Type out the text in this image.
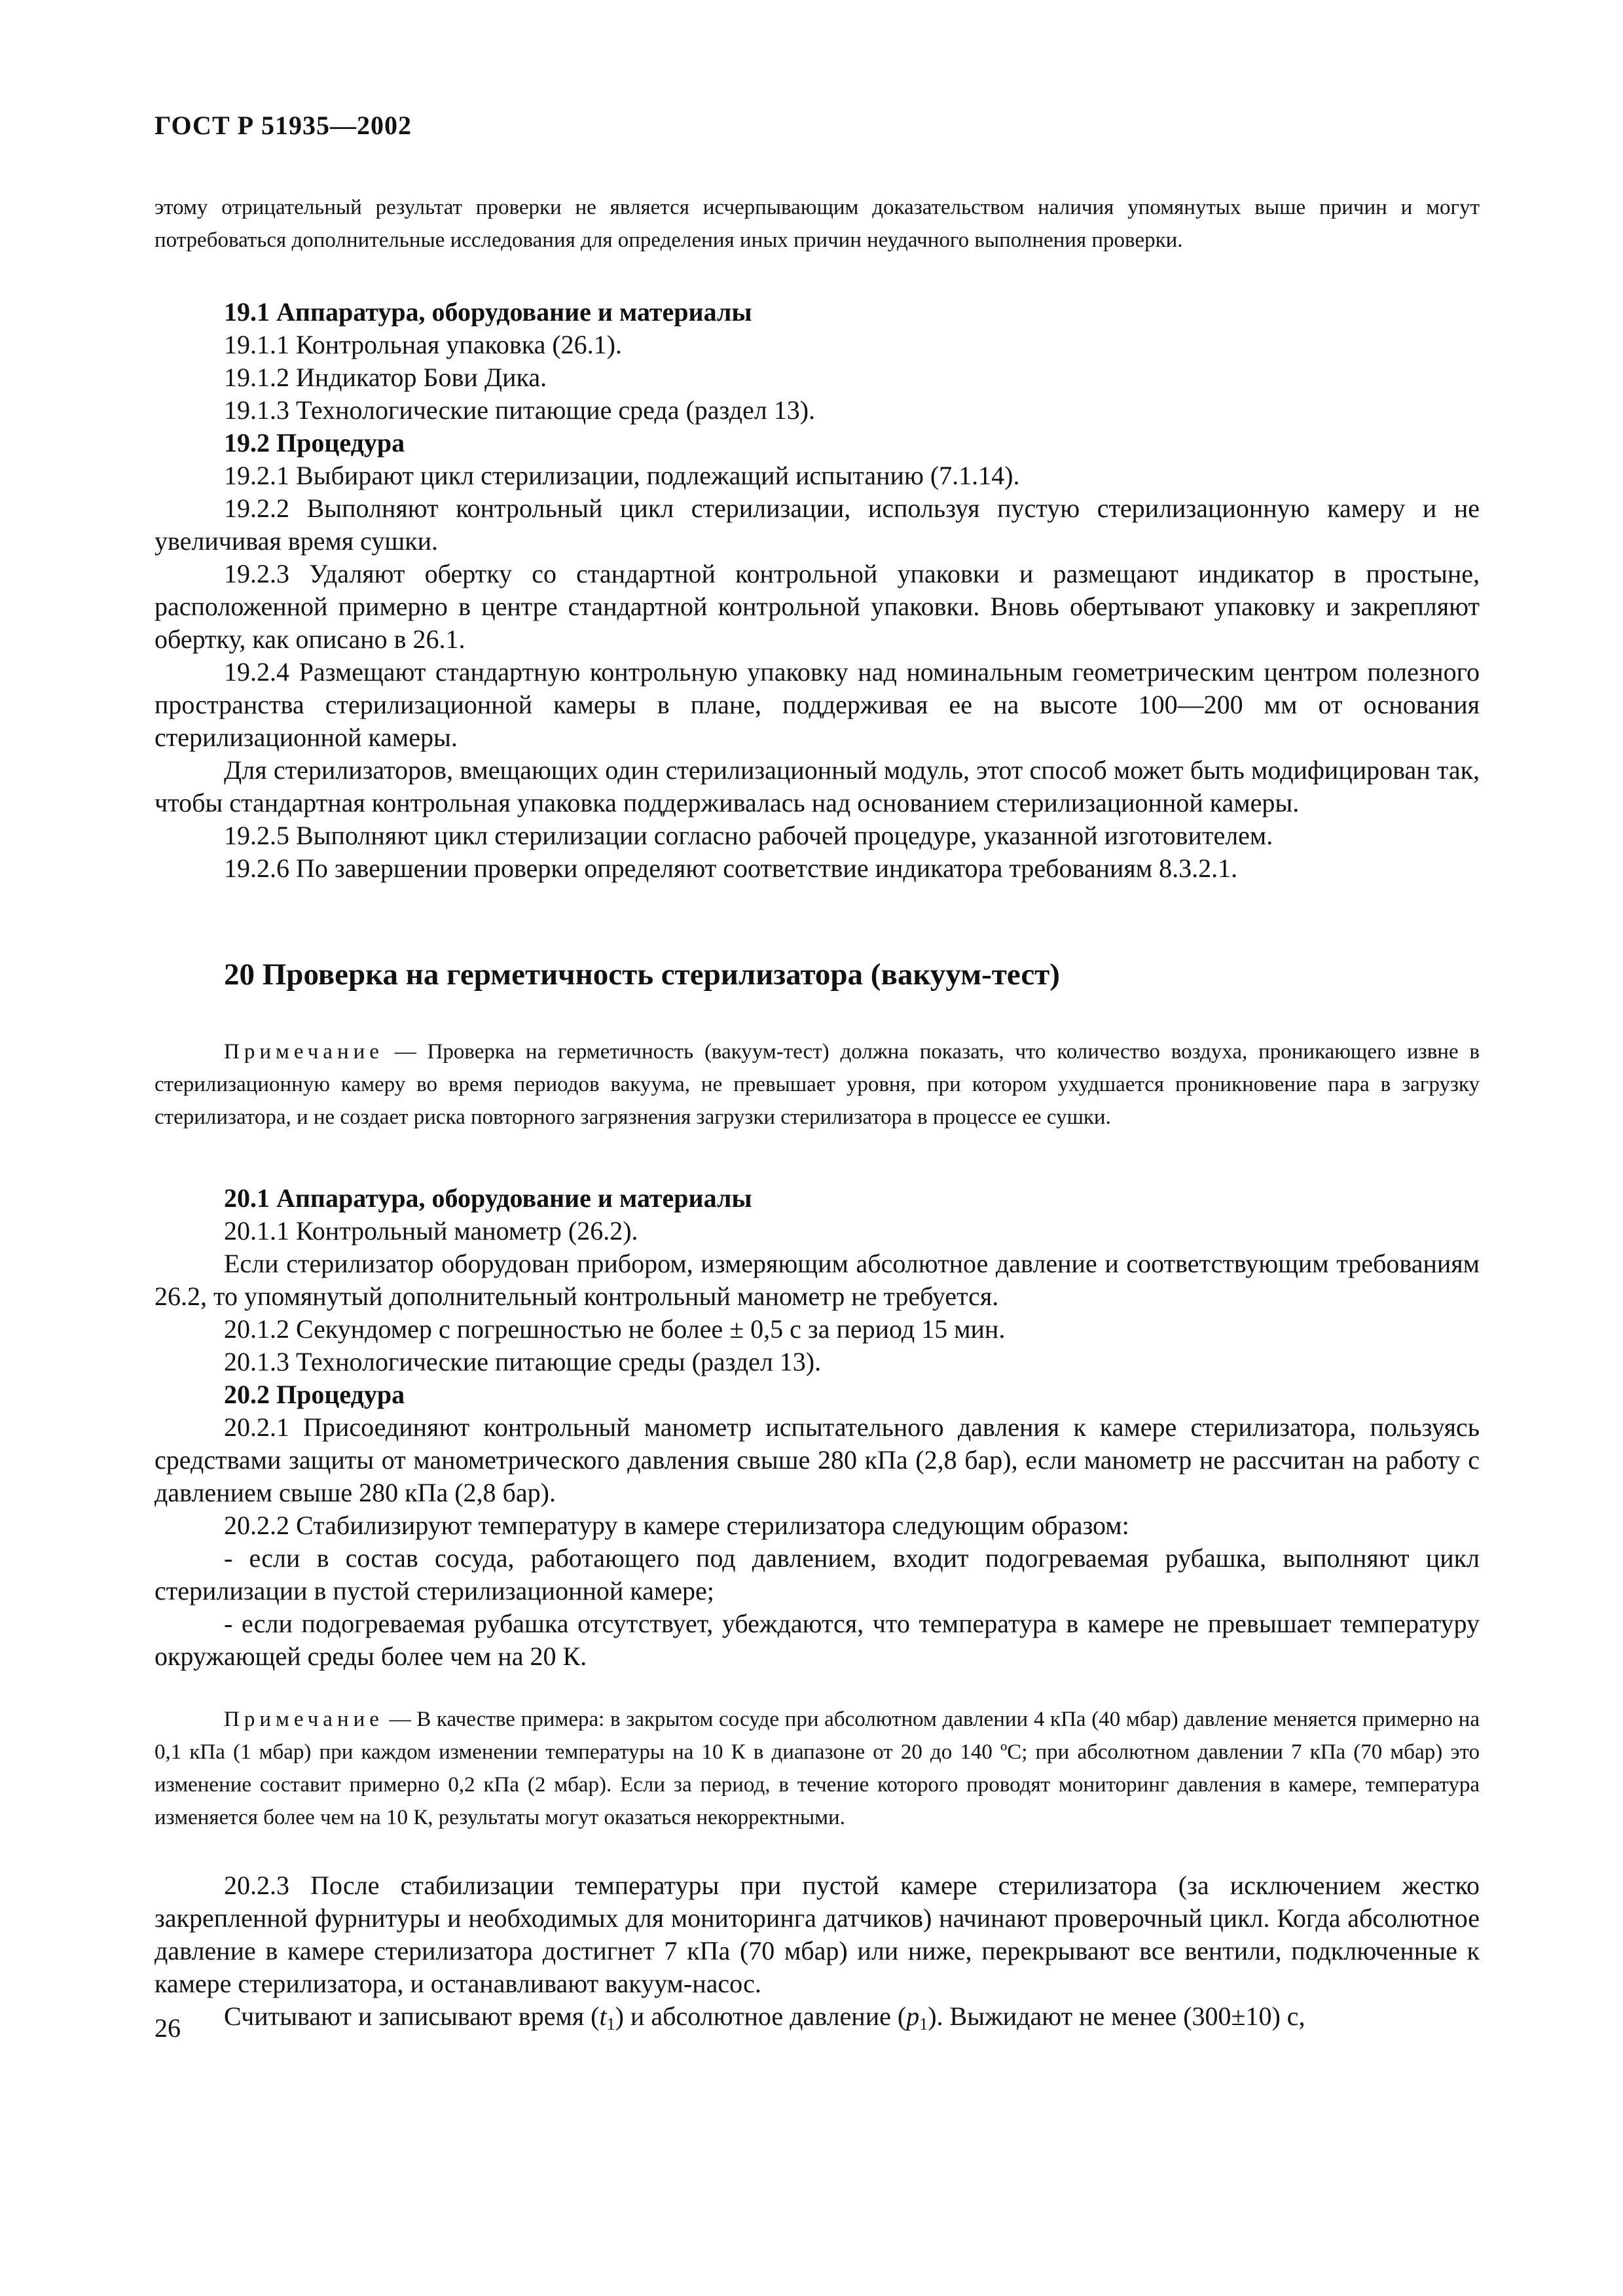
ГОСТ Р 51935—2002
этому отрицательный результат проверки не является исчерпывающим доказательством наличия упомянутых выше причин и могут потребоваться дополнительные исследования для определения иных причин неудачного выполнения проверки.

19.1 Аппаратура, оборудование и материалы

19.1.1 Контрольная упаковка (26.1).

19.1.2 Индикатор Бови Дика.

19.1.3 Технологические питающие среда (раздел 13).

19.2 Процедура

19.2.1 Выбирают цикл стерилизации, подлежащий испытанию (7.1.14).

19.2.2 Выполняют контрольный цикл стерилизации, используя пустую стерилизационную камеру и не увеличивая время сушки.

19.2.3 Удаляют обертку со стандартной контрольной упаковки и размещают индикатор в простыне, расположенной примерно в центре стандартной контрольной упаковки. Вновь обертывают упаковку и закрепляют обертку, как описано в 26.1.

19.2.4 Размещают стандартную контрольную упаковку над номинальным геометрическим центром полезного пространства стерилизационной камеры в плане, поддерживая ее на высоте 100—200 мм от основания стерилизационной камеры.

Для стерилизаторов, вмещающих один стерилизационный модуль, этот способ может быть модифицирован так, чтобы стандартная контрольная упаковка поддерживалась над основанием стерилизационной камеры.

19.2.5 Выполняют цикл стерилизации согласно рабочей процедуре, указанной изготовителем.

19.2.6 По завершении проверки определяют соответствие индикатора требованиям 8.3.2.1.

20 Проверка на герметичность стерилизатора (вакуум-тест)

Примечание — Проверка на герметичность (вакуум-тест) должна показать, что количество воздуха, проникающего извне в стерилизационную камеру во время периодов вакуума, не превышает уровня, при котором ухудшается проникновение пара в загрузку стерилизатора, и не создает риска повторного загрязнения загрузки стерилизатора в процессе ее сушки.

20.1 Аппаратура, оборудование и материалы

20.1.1 Контрольный манометр (26.2).

Если стерилизатор оборудован прибором, измеряющим абсолютное давление и соответствующим требованиям 26.2, то упомянутый дополнительный контрольный манометр не требуется.

20.1.2 Секундомер с погрешностью не более ± 0,5 с за период 15 мин.

20.1.3 Технологические питающие среды (раздел 13).

20.2 Процедура

20.2.1 Присоединяют контрольный манометр испытательного давления к камере стерилизатора, пользуясь средствами защиты от манометрического давления свыше 280 кПа (2,8 бар), если манометр не рассчитан на работу с давлением свыше 280 кПа (2,8 бар).

20.2.2 Стабилизируют температуру в камере стерилизатора следующим образом:

- если в состав сосуда, работающего под давлением, входит подогреваемая рубашка, выполняют цикл стерилизации в пустой стерилизационной камере;

- если подогреваемая рубашка отсутствует, убеждаются, что температура в камере не превышает температуру окружающей среды более чем на 20 К.

Примечание — В качестве примера: в закрытом сосуде при абсолютном давлении 4 кПа (40 мбар) давление меняется примерно на 0,1 кПа (1 мбар) при каждом изменении температуры на 10 К в диапазоне от 20 до 140 ºС; при абсолютном давлении 7 кПа (70 мбар) это изменение составит примерно 0,2 кПа (2 мбар). Если за период, в течение которого проводят мониторинг давления в камере, температура изменяется более чем на 10 К, результаты могут оказаться некорректными.

20.2.3 После стабилизации температуры при пустой камере стерилизатора (за исключением жестко закрепленной фурнитуры и необходимых для мониторинга датчиков) начинают проверочный цикл. Когда абсолютное давление в камере стерилизатора достигнет 7 кПа (70 мбар) или ниже, перекрывают все вентили, подключенные к камере стерилизатора, и останавливают вакуум-насос.

Считывают и записывают время $(t_1)$ и абсолютное давление $(p_1)$. Выжидают не менее (300±10) с,

26
